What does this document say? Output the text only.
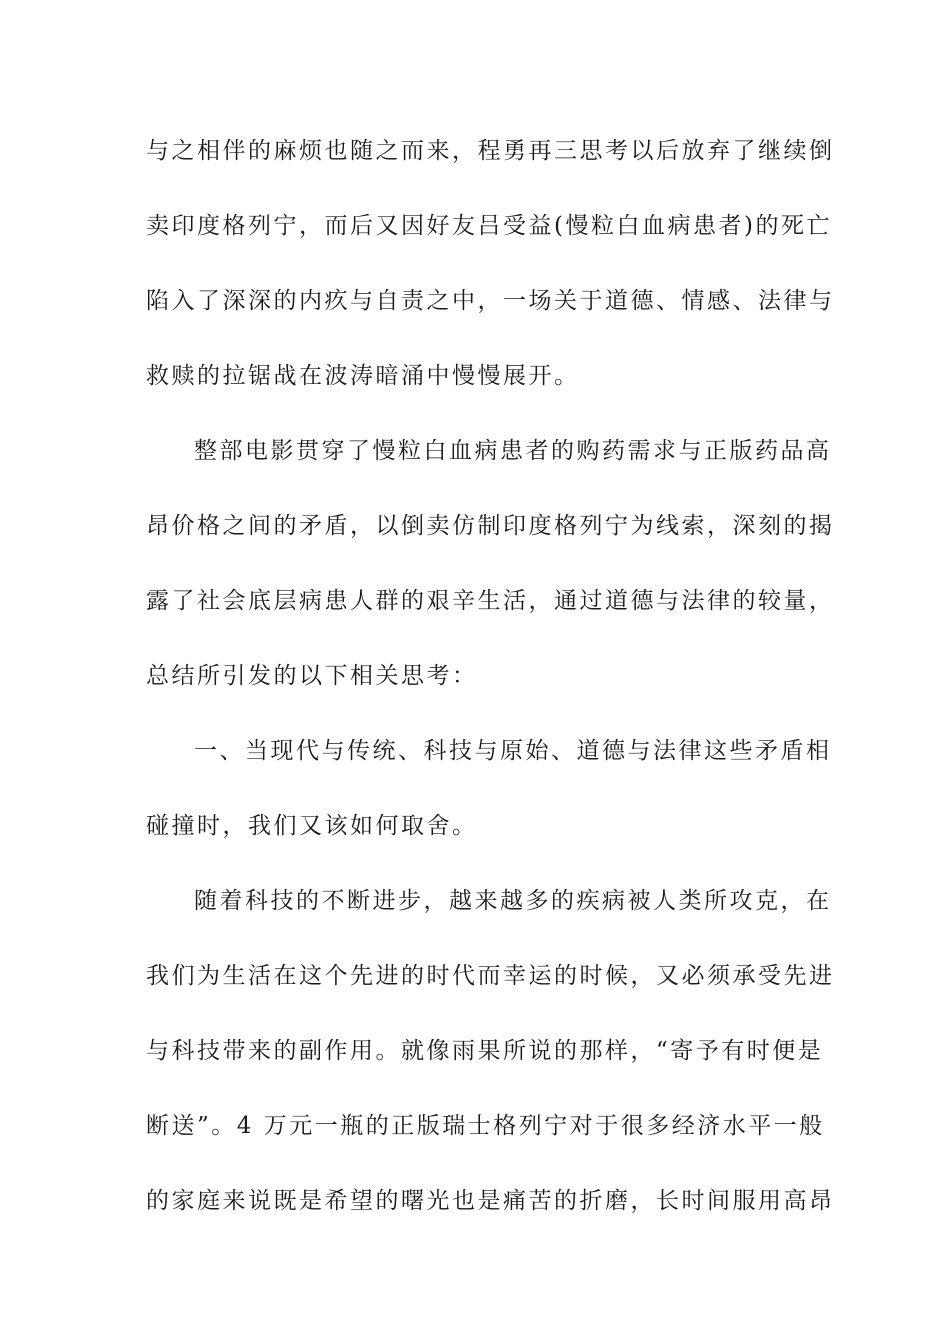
与之相伴的麻烦也随之而来，程勇再三思考以后放弃了继续倒
卖印度格列宁，而后又因好友吕受益(慢粒白血病患者)的死亡
陷入了深深的内疚与自责之中，一场关于道德、情感、法律与
救赎的拉锯战在波涛暗涌中慢慢展开。
整部电影贯穿了慢粒白血病患者的购药需求与正版药品高
昂价格之间的矛盾，以倒卖仿制印度格列宁为线索，深刻的揭
露了社会底层病患人群的艰辛生活，通过道德与法律的较量，
总结所引发的以下相关思考：
一、当现代与传统、科技与原始、道德与法律这些矛盾相
碰撞时，我们又该如何取舍。
随着科技的不断进步，越来越多的疾病被人类所攻克，在
我们为生活在这个先进的时代而幸运的时候，又必须承受先进
与科技带来的副作用。就像雨果所说的那样，“寄予有时便是
断送”。4 万元一瓶的正版瑞士格列宁对于很多经济水平一般
的家庭来说既是希望的曙光也是痛苦的折磨，长时间服用高昂
